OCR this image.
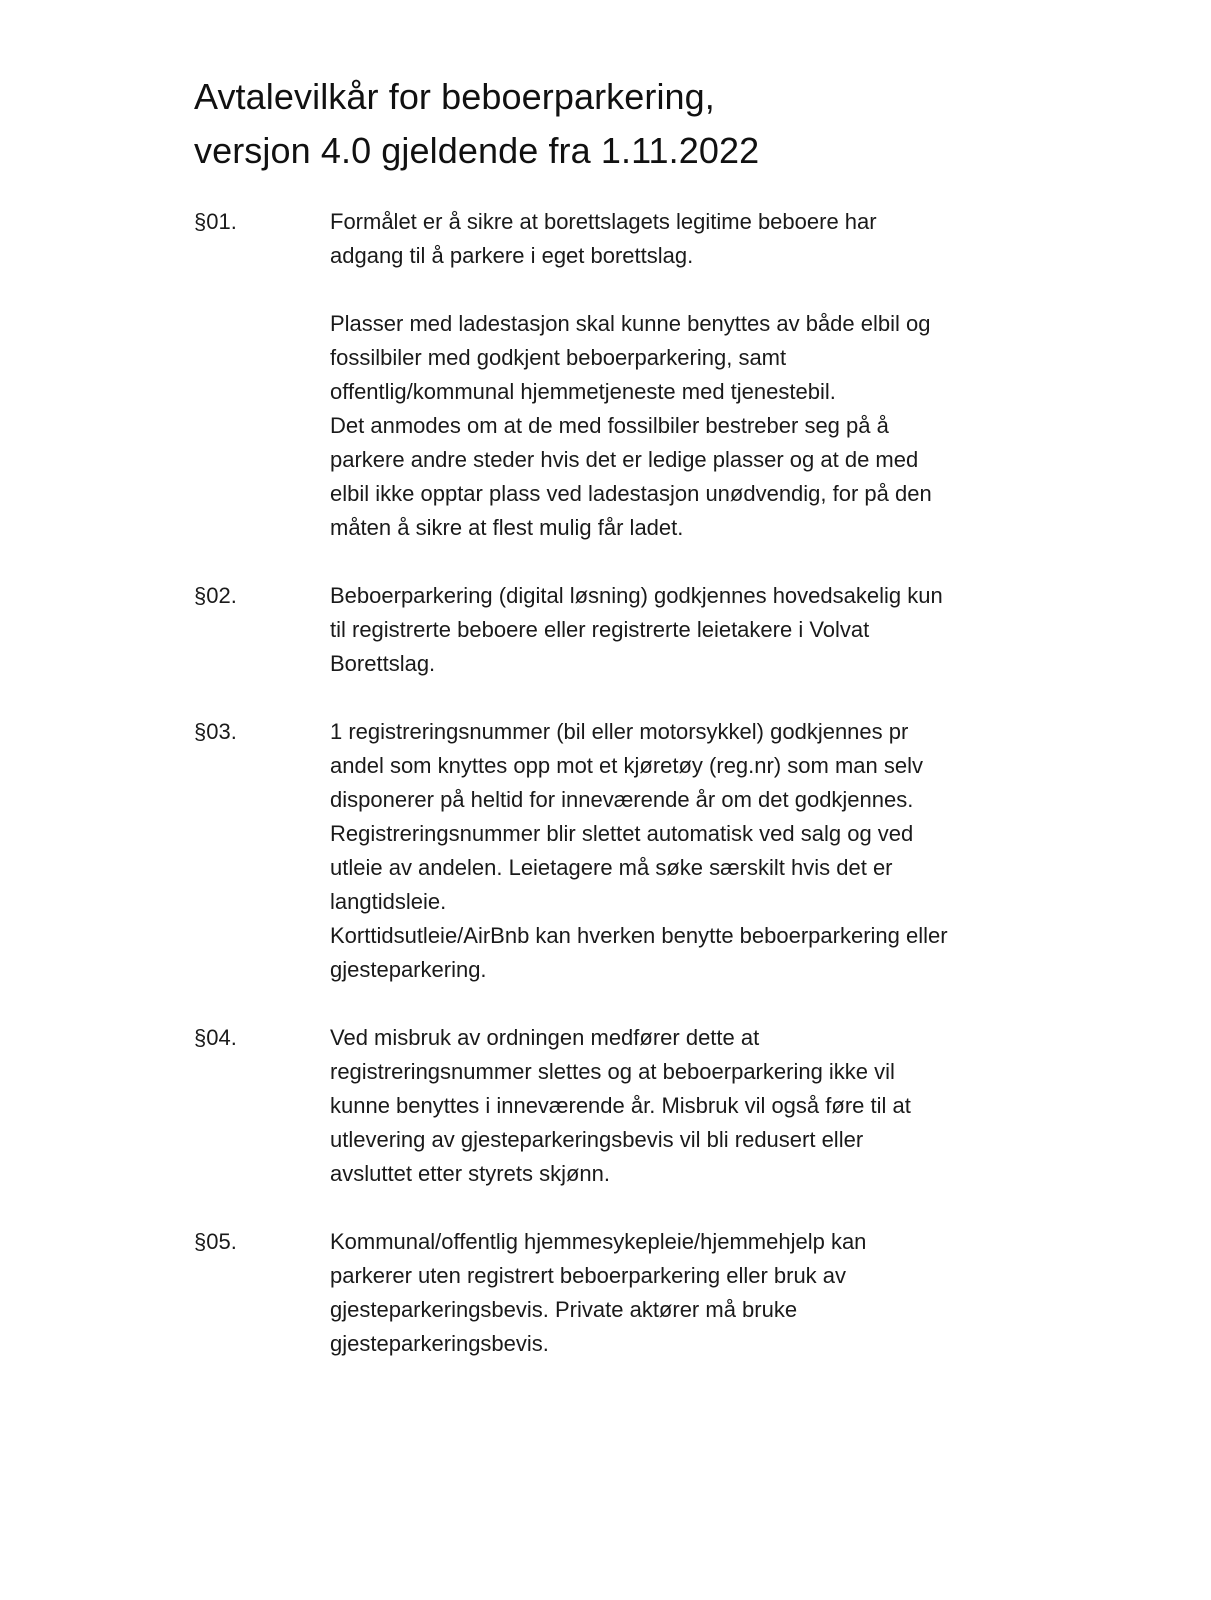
Avtalevilkår for beboerparkering,
versjon 4.0 gjeldende fra 1.11.2022
§01.	Formålet er å sikre at borettslagets legitime beboere har
adgang til å parkere i eget borettslag.

Plasser med ladestasjon skal kunne benyttes av både elbil og
fossilbiler med godkjent beboerparkering, samt
offentlig/kommunal hjemmetjeneste med tjenestebil.
Det anmodes om at de med fossilbiler bestreber seg på å
parkere andre steder hvis det er ledige plasser og at de med
elbil ikke opptar plass ved ladestasjon unødvendig, for på den
måten å sikre at flest mulig får ladet.

§02.	Beboerparkering (digital løsning) godkjennes hovedsakelig kun
til registrerte beboere eller registrerte leietakere i Volvat
Borettslag.

§03.	1 registreringsnummer (bil eller motorsykkel) godkjennes pr
andel som knyttes opp mot et kjøretøy (reg.nr) som man selv
disponerer på heltid for inneværende år om det godkjennes.
Registreringsnummer blir slettet automatisk ved salg og ved
utleie av andelen. Leietagere må søke særskilt hvis det er
langtidsleie.
Korttidsutleie/AirBnb kan hverken benytte beboerparkering eller
gjesteparkering.

§04.	Ved misbruk av ordningen medfører dette at
registreringsnummer slettes og at beboerparkering ikke vil
kunne benyttes i inneværende år. Misbruk vil også føre til at
utlevering av gjesteparkeringsbevis vil bli redusert eller
avsluttet etter styrets skjønn.

§05.	Kommunal/offentlig hjemmesykepleie/hjemmehjelp kan
parkerer uten registrert beboerparkering eller bruk av
gjesteparkeringsbevis. Private aktører må bruke
gjesteparkeringsbevis.
